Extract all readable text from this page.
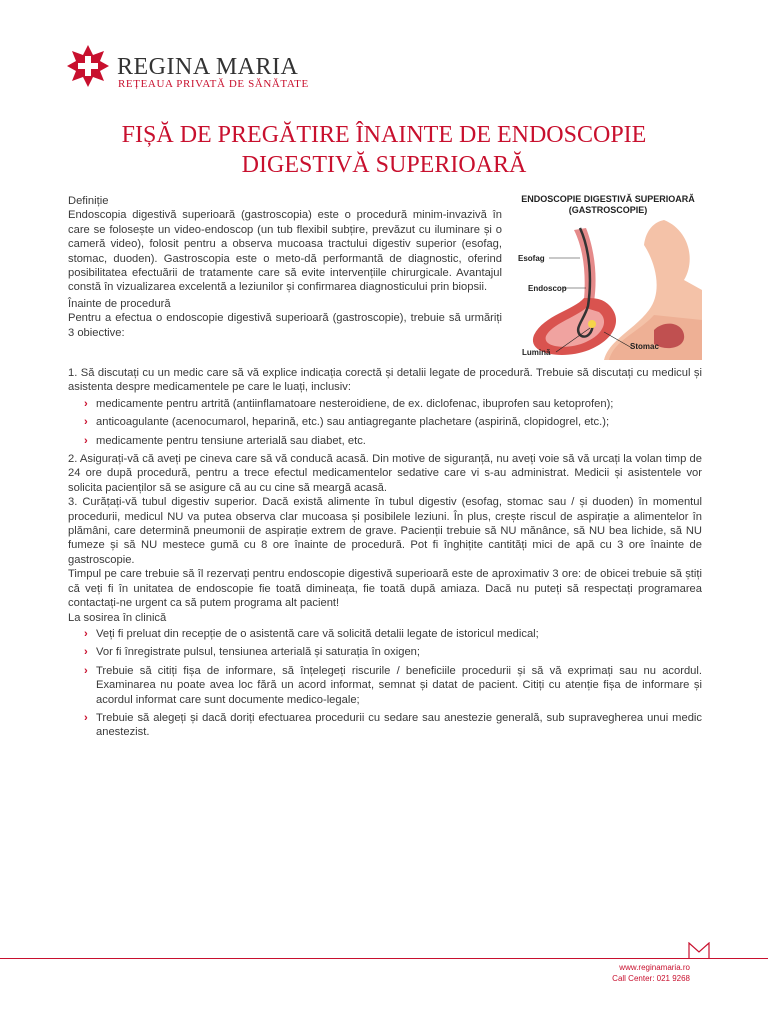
REGINA MARIA
REȚEAUA PRIVATĂ DE SĂNĂTATE
FIȘĂ DE PREGĂTIRE ÎNAINTE DE ENDOSCOPIE
DIGESTIVĂ SUPERIOARĂ
ENDOSCOPIE DIGESTIVĂ SUPERIOARĂ
(GASTROSCOPIE)
Esofag
Endoscop
Lumină
Stomac

Definiție

Endoscopia digestivă superioară (gastroscopia) este o procedură minim-invazivă în care se folosește un video-endoscop (un tub flexibil subțire, prevăzut cu iluminare și o cameră video), folosit pentru a observa mucoasa tractului digestiv superior (esofag, stomac, duoden). Gastroscopia este o meto-dă performantă de diagnostic, oferind posibilitatea efectuării de tratamente care să evite intervențiile chirurgicale. Avantajul constă în vizualizarea excelentă a leziunilor și confirmarea diagnosticului prin biopsii.

Înainte de procedură

Pentru a efectua o endoscopie digestivă superioară (gastroscopie), trebuie să urmăriți 3 obiective:

1. Să discutați cu un medic care să vă explice indicația corectă și detalii legate de procedură. Trebuie să discutați cu medicul și asistenta despre medicamentele pe care le luați, inclusiv:

› medicamente pentru artrită (antiinflamatoare nesteroidiene, de ex. diclofenac, ibuprofen sau ketoprofen);
› anticoagulante (acenocumarol, heparină, etc.) sau antiagregante plachetare (aspirină, clopidogrel, etc.);
› medicamente pentru tensiune arterială sau diabet, etc.

2. Asigurați-vă că aveți pe cineva care să vă conducă acasă. Din motive de siguranță, nu aveți voie să vă urcați la volan timp de 24 ore după procedură, pentru a trece efectul medicamentelor sedative care vi s-au administrat. Medicii și asistentele vor solicita pacienților să se asigure că au cu cine să meargă acasă.

3. Curățați-vă tubul digestiv superior. Dacă există alimente în tubul digestiv (esofag, stomac sau / și duoden) în momentul procedurii, medicul NU va putea observa clar mucoasa și posibilele leziuni. În plus, crește riscul de aspirație a alimentelor în plămâni, care determină pneumonii de aspirație extrem de grave. Pacienții trebuie să NU mănânce, să NU bea lichide, să NU fumeze și să NU mestece gumă cu 8 ore înainte de procedură. Pot fi înghițite cantități mici de apă cu 3 ore înainte de gastroscopie.

Timpul pe care trebuie să îl rezervați pentru endoscopie digestivă superioară este de aproximativ 3 ore: de obicei trebuie să știți că veți fi în unitatea de endoscopie fie toată dimineața, fie toată după amiaza. Dacă nu puteți să respectați programarea contactați-ne urgent ca să putem programa alt pacient!

La sosirea în clinică

› Veți fi preluat din recepție de o asistentă care vă solicită detalii legate de istoricul medical;
› Vor fi înregistrate pulsul, tensiunea arterială și saturația în oxigen;
› Trebuie să citiți fișa de informare, să înțelegeți riscurile / beneficiile procedurii și să vă exprimați sau nu acordul. Examinarea nu poate avea loc fără un acord informat, semnat și datat de pacient. Citiți cu atenție fișa de informare și acordul informat care sunt documente medico-legale;
› Trebuie să alegeți și dacă doriți efectuarea procedurii cu sedare sau anestezie generală, sub supravegherea unui medic anestezist.
www.reginamaria.ro
Call Center: 021 9268
